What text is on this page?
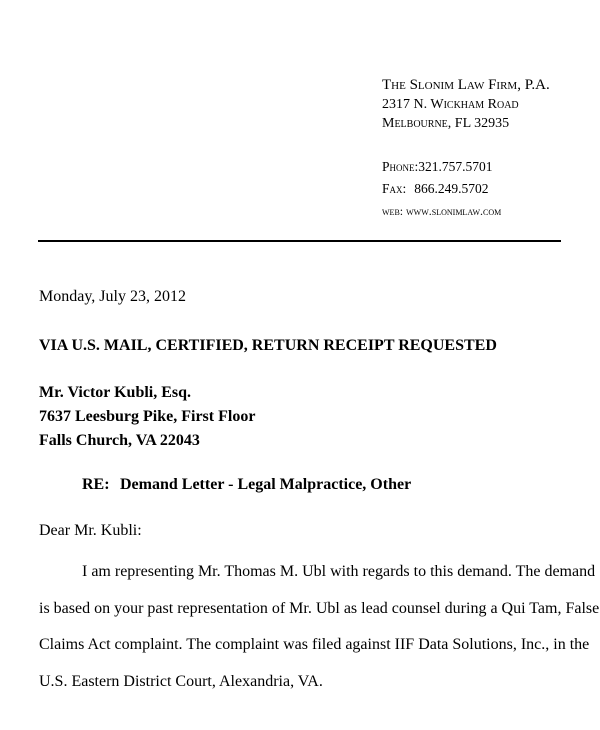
The Slonim Law Firm, P.A.
2317 N. Wickham Road
Melbourne, FL 32935
Phone:321.757.5701
Fax: 866.249.5702
web: www.slonimlaw.com
Monday, July 23, 2012
VIA U.S. MAIL, CERTIFIED, RETURN RECEIPT REQUESTED
Mr. Victor Kubli, Esq.
7637 Leesburg Pike, First Floor
Falls Church, VA 22043
RE: Demand Letter - Legal Malpractice, Other
Dear Mr. Kubli:
I am representing Mr. Thomas M. Ubl with regards to this demand. The demand
is based on your past representation of Mr. Ubl as lead counsel during a Qui Tam, False
Claims Act complaint. The complaint was filed against IIF Data Solutions, Inc., in the
U.S. Eastern District Court, Alexandria, VA.
